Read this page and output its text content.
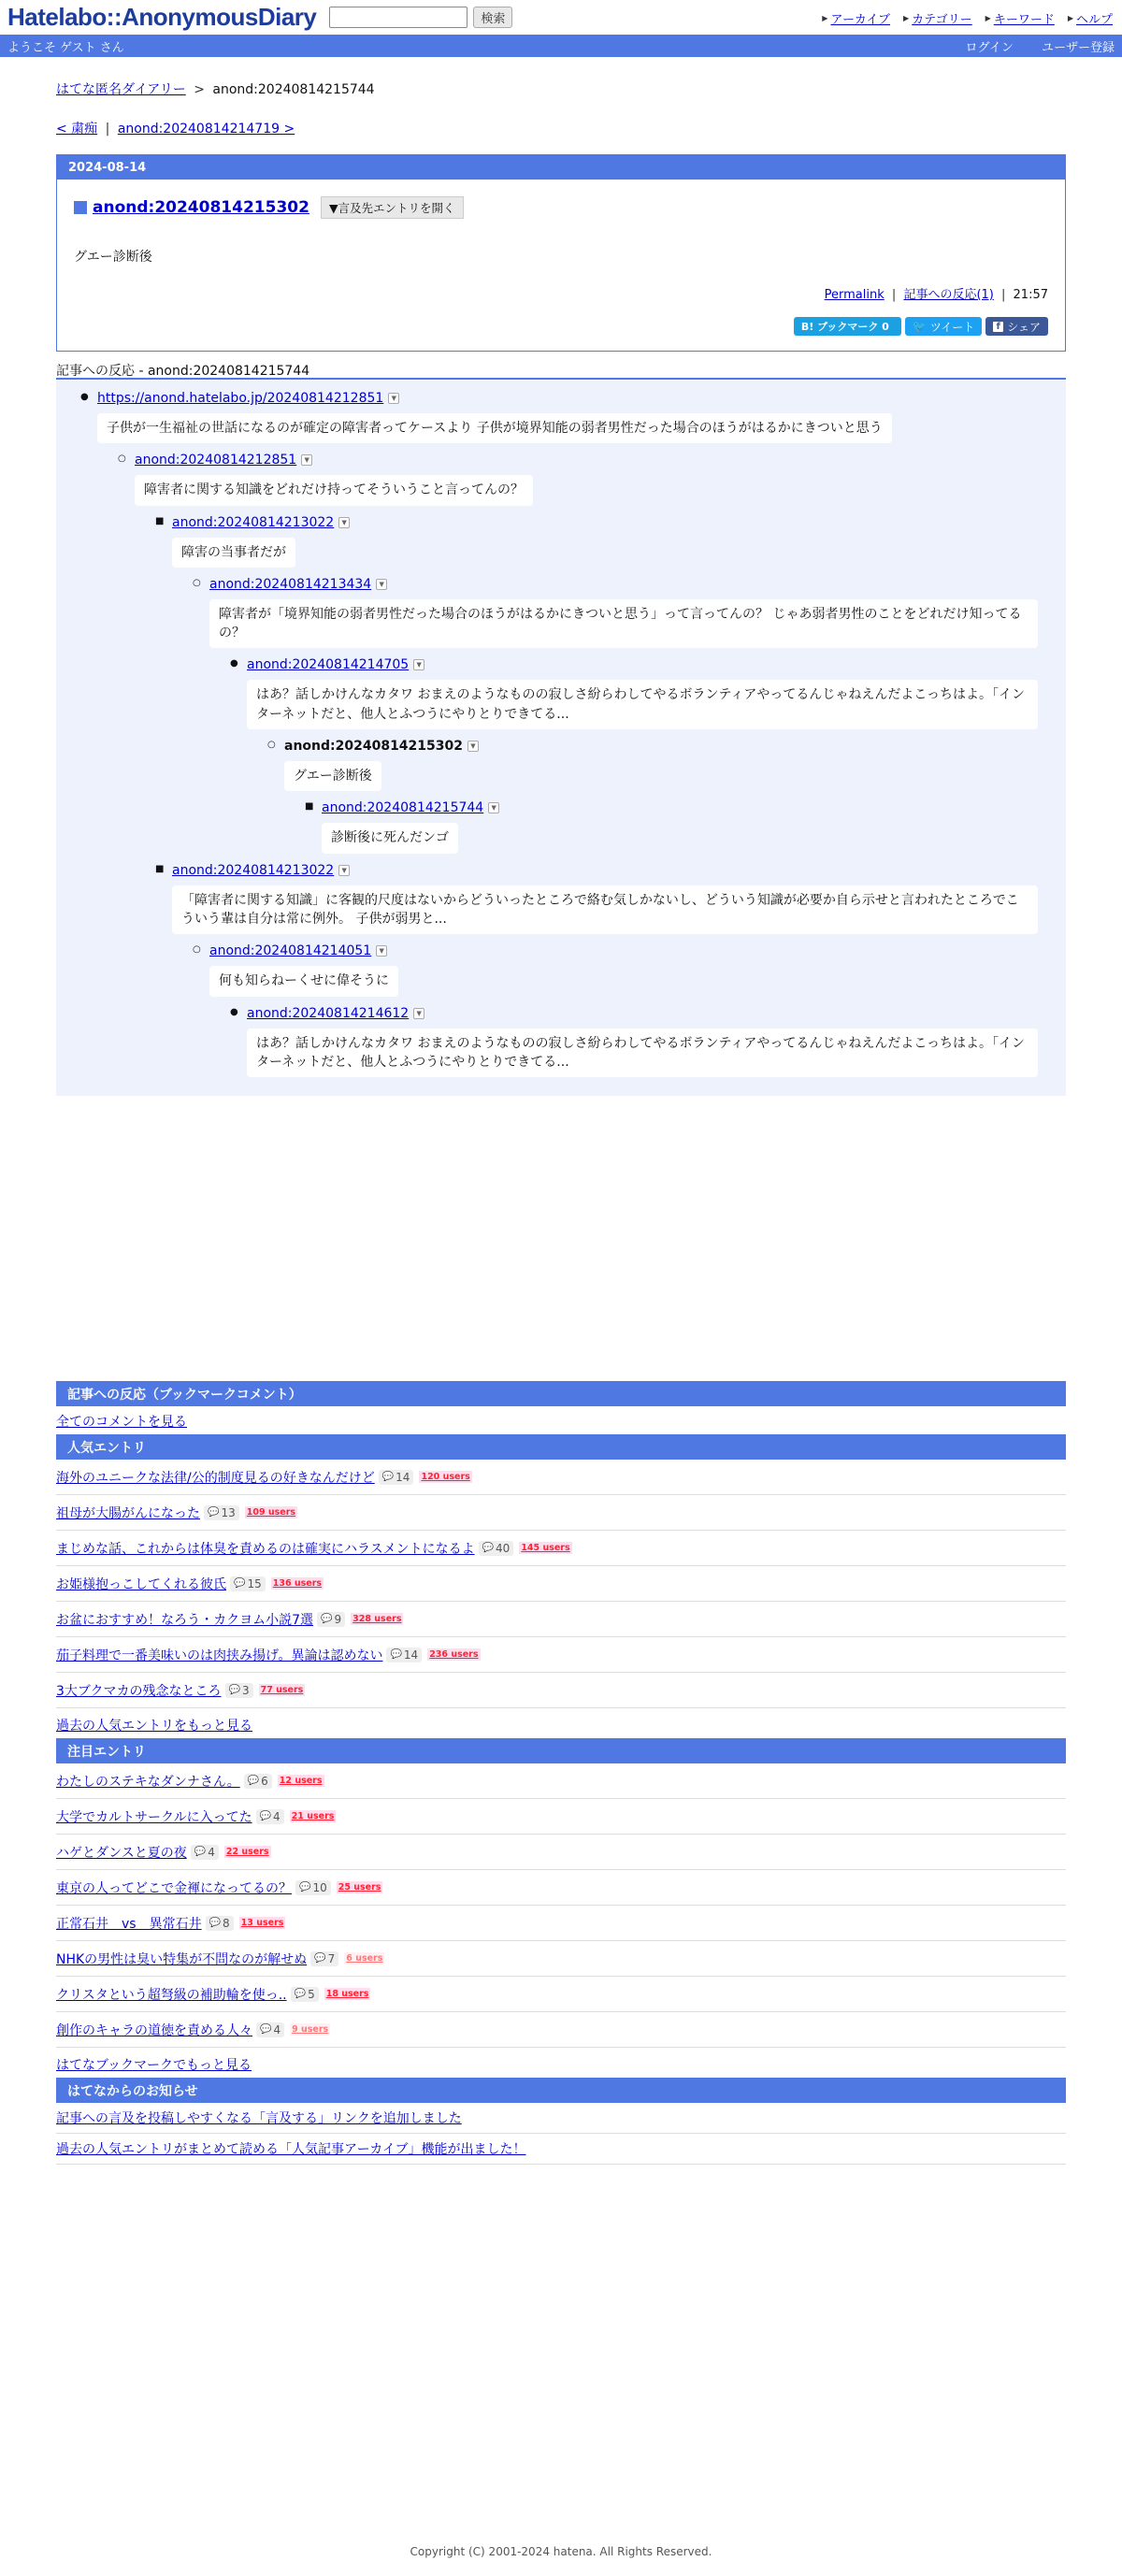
Hatelabo::AnonymousDiary	検索	▶ アーカイブ ▶ カテゴリー ▶ キーワード ▶ ヘルプ
ようこそ ゲスト さん	ログイン ユーザー登録
はてな匿名ダイアリー > anond:20240814215744
< 粛痴 | anond:20240814214719 >
2024-08-14
anond:20240814215302	▼言及先エントリを開く
グエー診断後
Permalink | 記事への反応(1) | 21:57
B! ブックマーク 0	🐦 ツイート	f シェア
記事への反応 - anond:20240814215744
● https://anond.hatelabo.jp/20240814212851	▼
子供が一生福祉の世話になるのが確定の障害者ってケースより 子供が境界知能の弱者男性だった場合のほうがはるかにきついと思う
○ anond:20240814212851	▼
障害者に関する知識をどれだけ持ってそういうこと言ってんの？
■ anond:20240814213022	▼
障害の当事者だが
○ anond:20240814213434	▼
障害者が「境界知能の弱者男性だった場合のほうがはるかにきついと思う」って言ってんの？ じゃあ弱者男性のことをどれだけ知ってるの？
● anond:20240814214705	▼
はあ？話しかけんなカタワ おまえのようなものの寂しさ紛らわしてやるボランティアやってるんじゃねえんだよこっちはよ。「インターネットだと、他人とふつうにやりとりできてる...
○ anond:20240814215302	▼
グエー診断後
■ anond:20240814215744	▼
診断後に死んだンゴ
■ anond:20240814213022	▼
「障害者に関する知識」に客観的尺度はないからどういったところで絡む気しかないし、どういう知識が必要か自ら示せと言われたところでこういう輩は自分は常に例外。 子供が弱男と...
○ anond:20240814214051	▼
何も知らねーくせに偉そうに
● anond:20240814214612	▼
はあ？話しかけんなカタワ おまえのようなものの寂しさ紛らわしてやるボランティアやってるんじゃねえんだよこっちはよ。「インターネットだと、他人とふつうにやりとりできてる...
記事への反応（ブックマークコメント）
全てのコメントを見る
人気エントリ
海外のユニークな法律/公的制度見るの好きなんだけど 💬 14 120 users
祖母が大腸がんになった 💬 13 109 users
まじめな話、これからは体臭を責めるのは確実にハラスメントになるよ 💬 40 145 users
お姫様抱っこしてくれる彼氏 💬 15 136 users
お盆におすすめ！なろう・カクヨム小説7選 💬 9 328 users
茄子料理で一番美味いのは肉挟み揚げ。異論は認めない 💬 14 236 users
3大ブクマカの残念なところ 💬 3 77 users
過去の人気エントリをもっと見る
注目エントリ
わたしのステキなダンナさん。 💬 6 12 users
大学でカルトサークルに入ってた 💬 4 21 users
ハゲとダンスと夏の夜 💬 4 22 users
東京の人ってどこで金褌になってるの？ 💬 10 25 users
正常石井　vs　異常石井 💬 8 13 users
NHKの男性は臭い特集が不問なのが解せぬ 💬 7 6 users
クリスタという超弩級の補助輪を使っ.. 💬 5 18 users
創作のキャラの道徳を責める人々 💬 4 9 users
はてなブックマークでもっと見る
はてなからのお知らせ
記事への言及を投稿しやすくなる「言及する」リンクを追加しました
過去の人気エントリがまとめて読める「人気記事アーカイブ」機能が出ました！
Copyright (C) 2001-2024 hatena. All Rights Reserved.
